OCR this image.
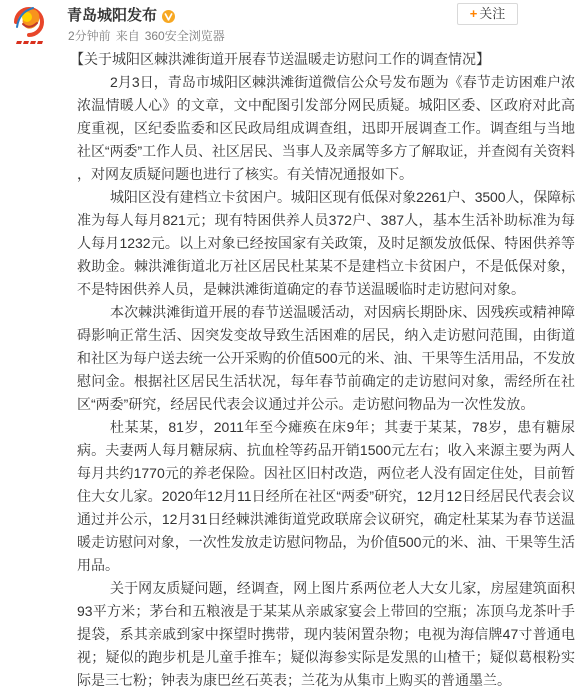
青岛城阳发布
2分钟前 来自 360安全浏览器
+ 关注
【关于城阳区棘洪滩街道开展春节送温暖走访慰问工作的调查情况】
2月3日，青岛市城阳区棘洪滩街道微信公众号发布题为《春节走访困难户浓
浓温情暖人心》的文章，文中配图引发部分网民质疑。城阳区委、区政府对此高
度重视，区纪委监委和区民政局组成调查组，迅即开展调查工作。调查组与当地
社区“两委”工作人员、社区居民、当事人及亲属等多方了解取证，并查阅有关资料
，对网友质疑问题也进行了核实。有关情况通报如下。
城阳区没有建档立卡贫困户。城阳区现有低保对象2261户、3500人，保障标
准为每人每月821元；现有特困供养人员372户、387人，基本生活补助标准为每
人每月1232元。以上对象已经按国家有关政策，及时足额发放低保、特困供养等
救助金。棘洪滩街道北万社区居民杜某某不是建档立卡贫困户，不是低保对象，
不是特困供养人员，是棘洪滩街道确定的春节送温暖临时走访慰问对象。
本次棘洪滩街道开展的春节送温暖活动，对因病长期卧床、因残疾或精神障
碍影响正常生活、因突发变故导致生活困难的居民，纳入走访慰问范围，由街道
和社区为每户送去统一公开采购的价值500元的米、油、干果等生活用品，不发放
慰问金。根据社区居民生活状况，每年春节前确定的走访慰问对象，需经所在社
区“两委”研究，经居民代表会议通过并公示。走访慰问物品为一次性发放。
杜某某，81岁，2011年至今瘫痪在床9年；其妻于某某，78岁，患有糖尿
病。夫妻两人每月糖尿病、抗血栓等药品开销1500元左右；收入来源主要为两人
每月共约1770元的养老保险。因社区旧村改造，两位老人没有固定住处，目前暂
住大女儿家。2020年12月11日经所在社区“两委”研究，12月12日经居民代表会议
通过并公示，12月31日经棘洪滩街道党政联席会议研究，确定杜某某为春节送温
暖走访慰问对象，一次性发放走访慰问物品，为价值500元的米、油、干果等生活
用品。
关于网友质疑问题，经调查，网上图片系两位老人大女儿家，房屋建筑面积
93平方米；茅台和五粮液是于某某从亲戚家宴会上带回的空瓶；冻顶乌龙茶叶手
提袋，系其亲戚到家中探望时携带，现内装闲置杂物；电视为海信牌47寸普通电
视；疑似的跑步机是儿童手推车；疑似海参实际是发黑的山楂干；疑似葛根粉实
际是三七粉；钟表为康巴丝石英表；兰花为从集市上购买的普通墨兰。
